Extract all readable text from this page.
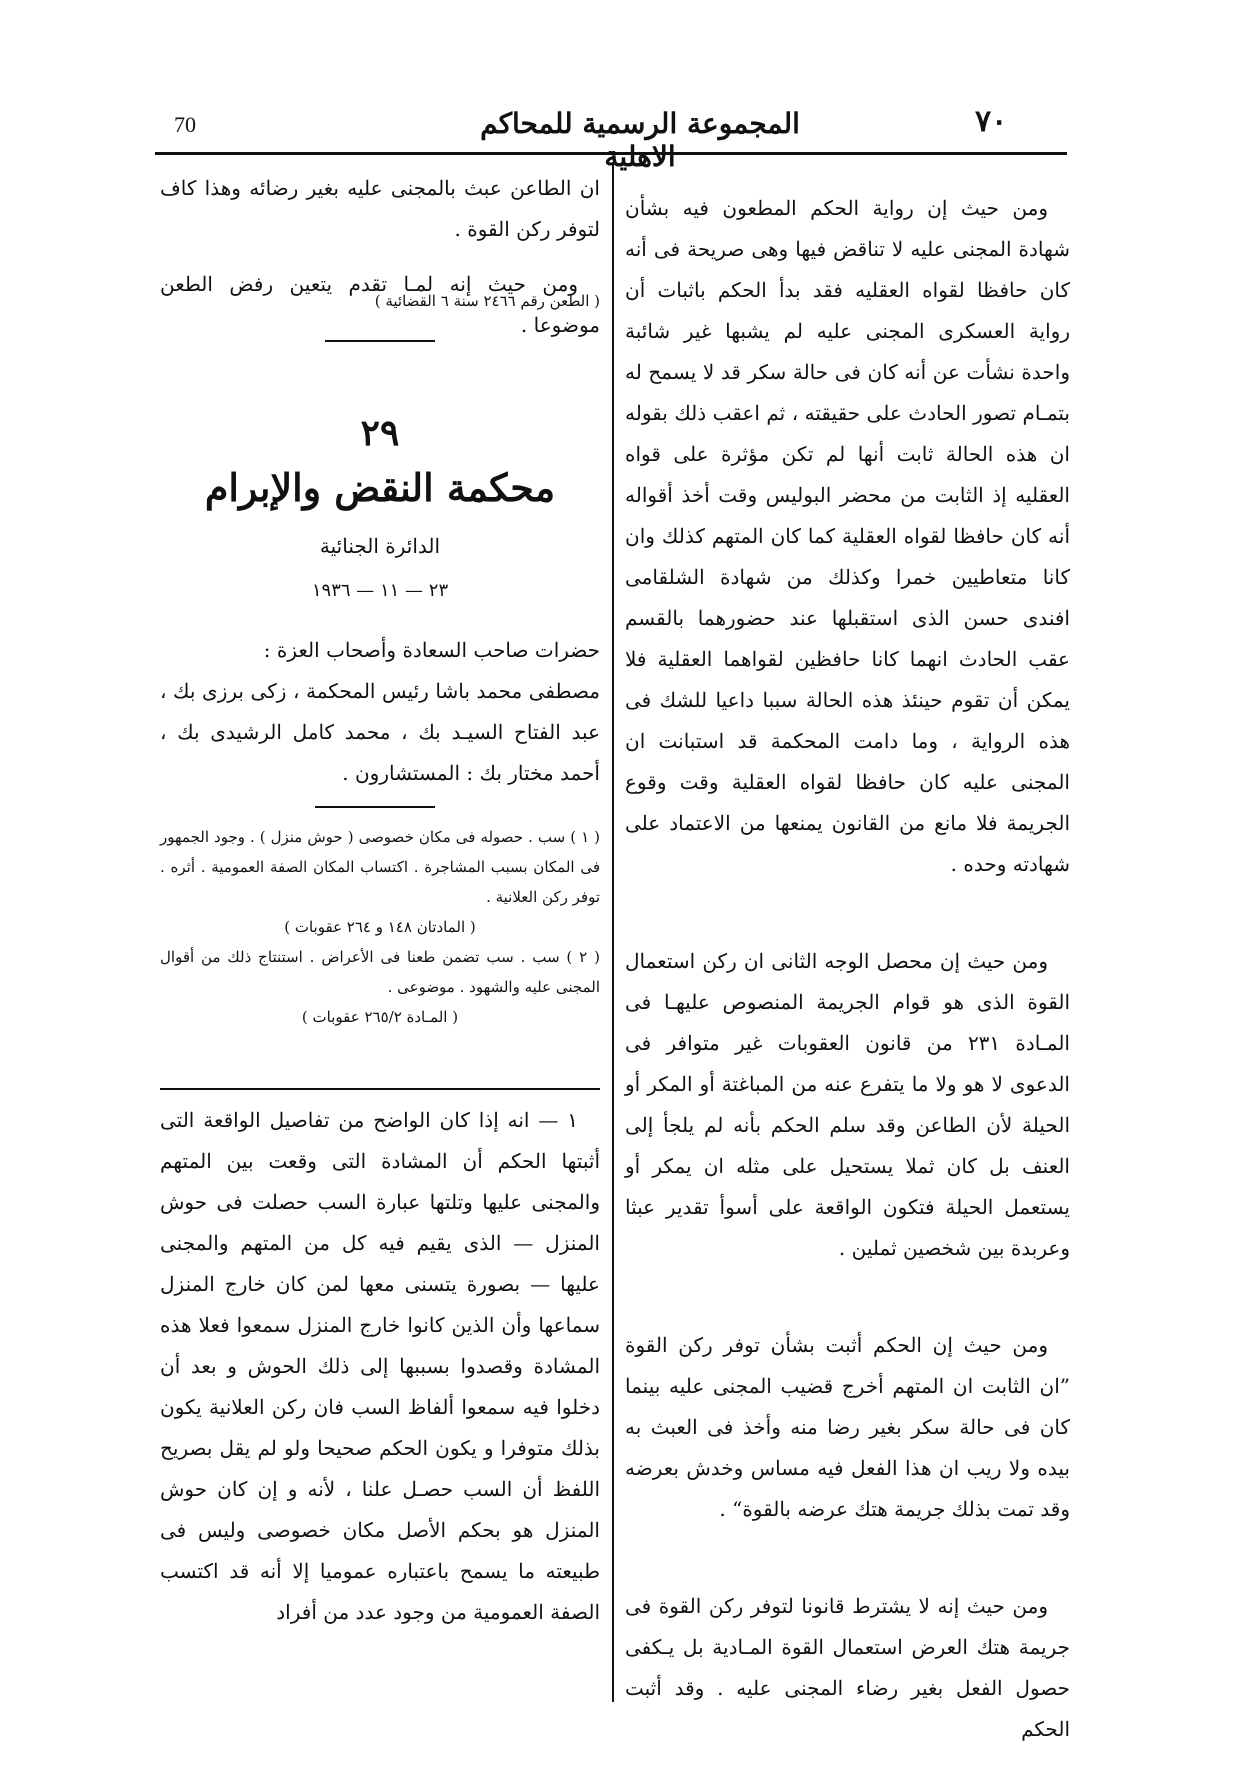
70	المجموعة الرسمية للمحاكم الاهلية
٧٠

ومن حيث إن رواية الحكم المطعون فيه بشأن شهادة المجنى عليه لا تناقض فيها وهى صريحة فى أنه كان حافظا لقواه العقليه فقد بدأ الحكم باثبات أن رواية العسكرى المجنى عليه لم يشبها غير شائبة واحدة نشأت عن أنه كان فى حالة سكر قد لا يسمح له بتمـام تصور الحادث على حقيقته ، ثم اعقب ذلك بقوله ان هذه الحالة ثابت أنها لم تكن مؤثرة على قواه العقليه إذ الثابت من محضر البوليس وقت أخذ أقواله أنه كان حافظا لقواه العقلية كما كان المتهم كذلك وان كانا متعاطيين خمرا وكذلك من شهادة الشلقامى افندى حسن الذى استقبلها عند حضورهما بالقسم عقب الحادث انهما كانا حافظين لقواهما العقلية فلا يمكن أن تقوم حينئذ هذه الحالة سببا داعيا للشك فى هذه الرواية ، وما دامت المحكمة قد استبانت ان المجنى عليه كان حافظا لقواه العقلية وقت وقوع الجريمة فلا مانع من القانون يمنعها من الاعتماد على شهادته وحده .

ومن حيث إن محصل الوجه الثانى ان ركن استعمال القوة الذى هو قوام الجريمة المنصوص عليهـا فى المـادة ٢٣١ من قانون العقوبات غير متوافر فى الدعوى لا هو ولا ما يتفرع عنه من المباغتة أو المكر أو الحيلة لأن الطاعن وقد سلم الحكم بأنه لم يلجأ إلى العنف بل كان ثملا يستحيل على مثله ان يمكر أو يستعمل الحيلة فتكون الواقعة على أسوأ تقدير عبثا وعربدة بين شخصين ثملين .

ومن حيث إن الحكم أثبت بشأن توفر ركن القوة ”ان الثابت ان المتهم أخرج قضيب المجنى عليه بينما كان فى حالة سكر بغير رضا منه وأخذ فى العبث به بيده ولا ريب ان هذا الفعل فيه مساس وخدش بعرضه وقد تمت بذلك جريمة هتك عرضه بالقوة“ .

ومن حيث إنه لا يشترط قانونا لتوفر ركن القوة فى جريمة هتك العرض استعمال القوة المـادية بل يـكفى حصول الفعل بغير رضاء المجنى عليه . وقد أثبت الحكم

ان الطاعن عبث بالمجنى عليه بغير رضائه وهذا كاف لتوفر ركن القوة .

ومن حيث إنه لمـا تقدم يتعين رفض الطعن موضوعا .

( الطعن رقم ٢٤٦٦ سنة ٦ القضائية )
٢٩
محكمة النقض والإبرام
الدائرة الجنائية
٢٣ — ١١ — ١٩٣٦

حضرات صاحب السعادة وأصحاب العزة :

مصطفى محمد باشا رئيس المحكمة ، زكى برزى بك ، عبد الفتاح السيـد بك ، محمد كامل الرشيدى بك ، أحمد مختار بك : المستشارون .

( ١ ) سب . حصوله فى مكان خصوصى ( حوش منزل ) . وجود الجمهور فى المكان بسبب المشاجرة . اكتساب المكان الصفة العمومية . أثره . توفر ركن العلانية .

( المادتان ١٤٨ و ٢٦٤ عقوبات )

( ٢ ) سب . سب تضمن طعنا فى الأعراض . استنتاج ذلك من أقوال المجنى عليه والشهود . موضوعى .

( المـادة ٢٦٥/٢ عقوبات )

١ — انه إذا كان الواضح من تفاصيل الواقعة التى أثبتها الحكم أن المشادة التى وقعت بين المتهم والمجنى عليها وتلتها عبارة السب حصلت فى حوش المنزل — الذى يقيم فيه كل من المتهم والمجنى عليها — بصورة يتسنى معها لمن كان خارج المنزل سماعها وأن الذين كانوا خارج المنزل سمعوا فعلا هذه المشادة وقصدوا بسببها إلى ذلك الحوش و بعد أن دخلوا فيه سمعوا ألفاظ السب فان ركن العلانية يكون بذلك متوفرا و يكون الحكم صحيحا ولو لم يقل بصريح اللفظ أن السب حصـل علنا ، لأنه و إن كان حوش المنزل هو بحكم الأصل مكان خصوصى وليس فى طبيعته ما يسمح باعتباره عموميا إلا أنه قد اكتسب الصفة العمومية من وجود عدد من أفراد
